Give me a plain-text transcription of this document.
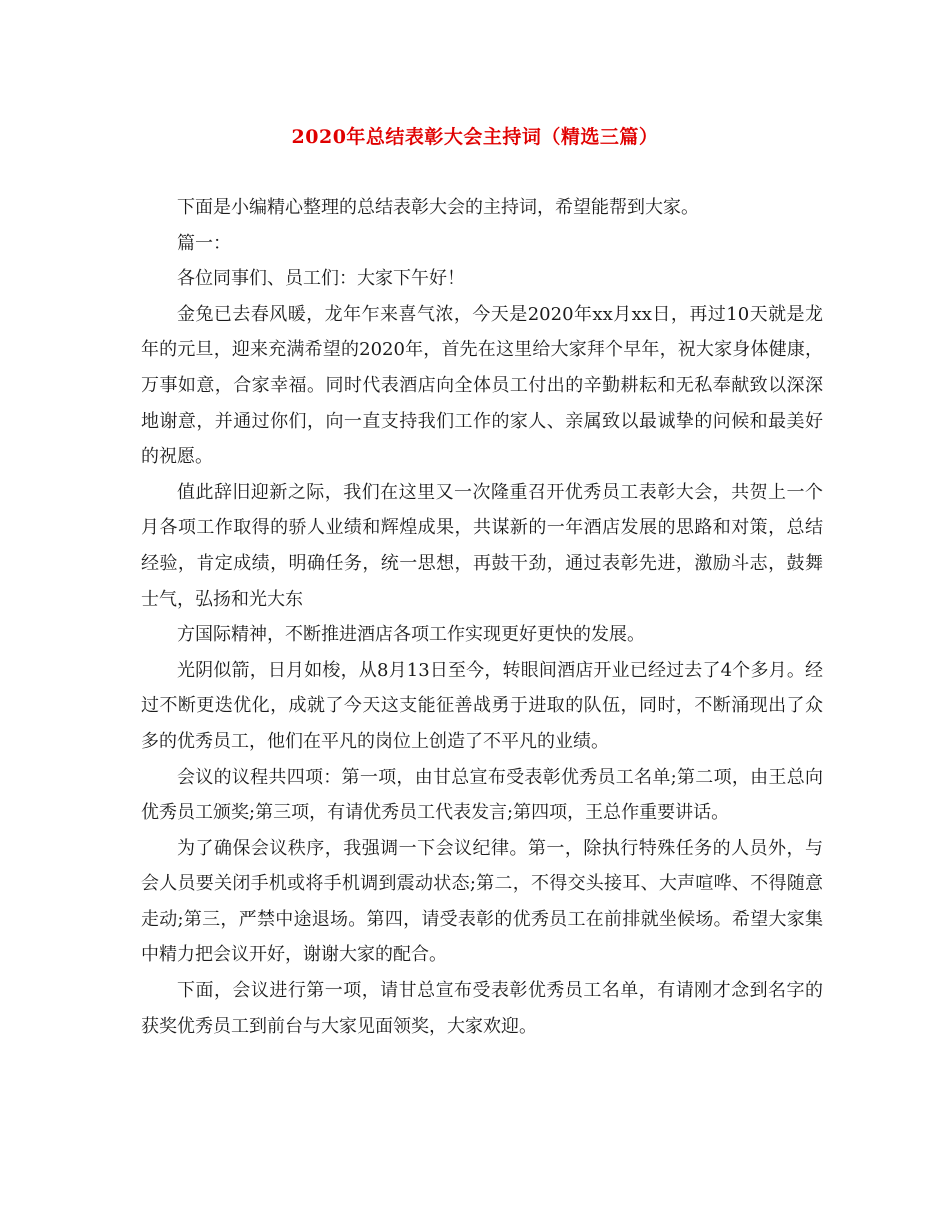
2020年总结表彰大会主持词（精选三篇）

下面是小编精心整理的总结表彰大会的主持词，希望能帮到大家。

篇一：

各位同事们、员工们：大家下午好！

金兔已去春风暖，龙年乍来喜气浓，今天是2020年xx月xx日，再过10天就是龙年的元旦，迎来充满希望的2020年，首先在这里给大家拜个早年，祝大家身体健康，万事如意，合家幸福。同时代表酒店向全体员工付出的辛勤耕耘和无私奉献致以深深地谢意，并通过你们，向一直支持我们工作的家人、亲属致以最诚挚的问候和最美好的祝愿。

值此辞旧迎新之际，我们在这里又一次隆重召开优秀员工表彰大会，共贺上一个月各项工作取得的骄人业绩和辉煌成果，共谋新的一年酒店发展的思路和对策，总结经验，肯定成绩，明确任务，统一思想，再鼓干劲，通过表彰先进，激励斗志，鼓舞士气，弘扬和光大东

方国际精神，不断推进酒店各项工作实现更好更快的发展。

光阴似箭，日月如梭，从8月13日至今，转眼间酒店开业已经过去了4个多月。经过不断更迭优化，成就了今天这支能征善战勇于进取的队伍，同时，不断涌现出了众多的优秀员工，他们在平凡的岗位上创造了不平凡的业绩。

会议的议程共四项：第一项，由甘总宣布受表彰优秀员工名单;第二项，由王总向优秀员工颁奖;第三项，有请优秀员工代表发言;第四项，王总作重要讲话。

为了确保会议秩序，我强调一下会议纪律。第一，除执行特殊任务的人员外，与会人员要关闭手机或将手机调到震动状态;第二，不得交头接耳、大声喧哗、不得随意走动;第三，严禁中途退场。第四，请受表彰的优秀员工在前排就坐候场。希望大家集中精力把会议开好，谢谢大家的配合。

下面，会议进行第一项，请甘总宣布受表彰优秀员工名单，有请刚才念到名字的获奖优秀员工到前台与大家见面领奖，大家欢迎。
